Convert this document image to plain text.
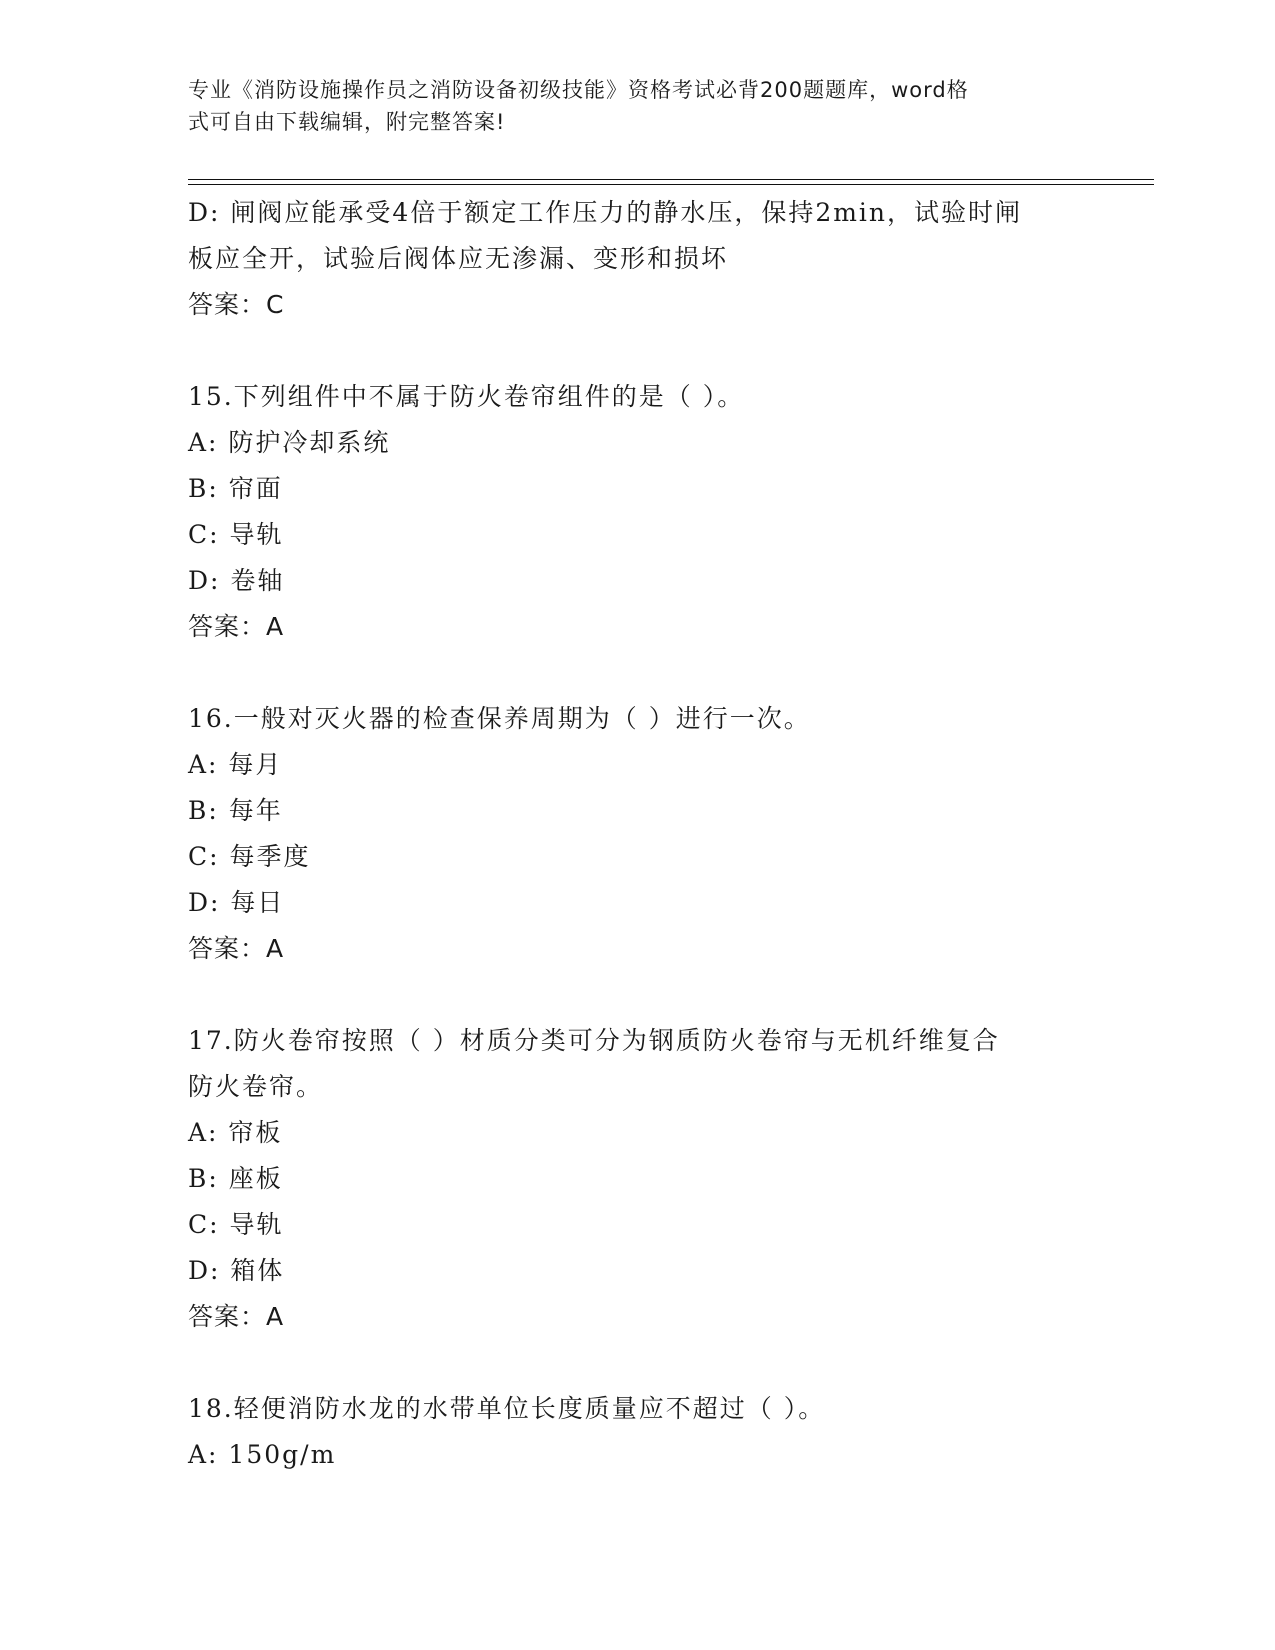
专业《消防设施操作员之消防设备初级技能》资格考试必背200题题库，word格
式可自由下载编辑，附完整答案!
D: 闸阀应能承受4倍于额定工作压力的静水压，保持2min，试验时闸
板应全开，试验后阀体应无渗漏、变形和损坏
答案：C
15.下列组件中不属于防火卷帘组件的是（ ）。
A: 防护冷却系统
B: 帘面
C: 导轨
D: 卷轴
答案：A
16.一般对灭火器的检查保养周期为（ ）进行一次。
A: 每月
B: 每年
C: 每季度
D: 每日
答案：A
17.防火卷帘按照（ ）材质分类可分为钢质防火卷帘与无机纤维复合
防火卷帘。
A: 帘板
B: 座板
C: 导轨
D: 箱体
答案：A
18.轻便消防水龙的水带单位长度质量应不超过（ ）。
A: 150g/m
